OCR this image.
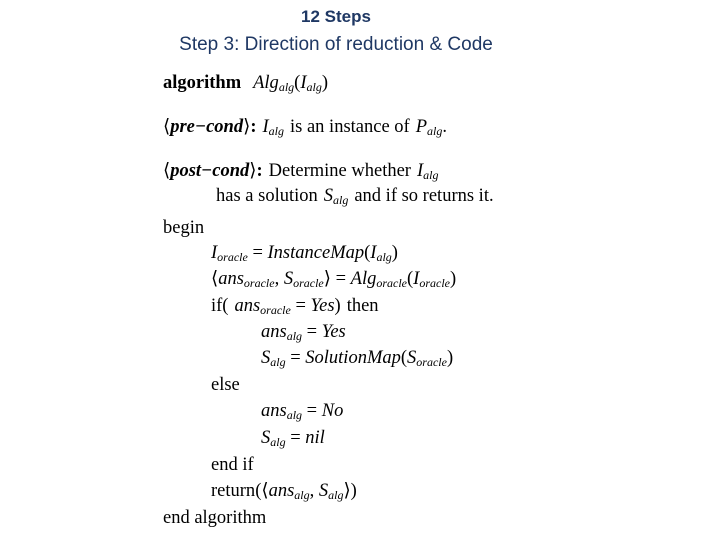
12 Steps
Step 3: Direction of reduction & Code
algorithm $Alg_{alg}(I_{alg})$
⟨pre−cond⟩: $I_{alg}$ is an instance of $P_{alg}$.
⟨post−cond⟩: Determine whether $I_{alg}$
has a solution $S_{alg}$ and if so returns it.
begin
$I_{oracle}$ = $InstanceMap(I_{alg})$
⟨ans$_{oracle}$, $S_{oracle}⟩ = Alg_{oracle}(I_{oracle})$
if( ans$_{oracle}$ = Yes) then
ans$_{alg}$ = Yes
$S_{alg}$ = $SolutionMap(S_{oracle})$
else
ans$_{alg}$ = No
$S_{alg}$ = nil
end if
return(⟨ans$_{alg}$, $S_{alg}⟩$)
end algorithm
